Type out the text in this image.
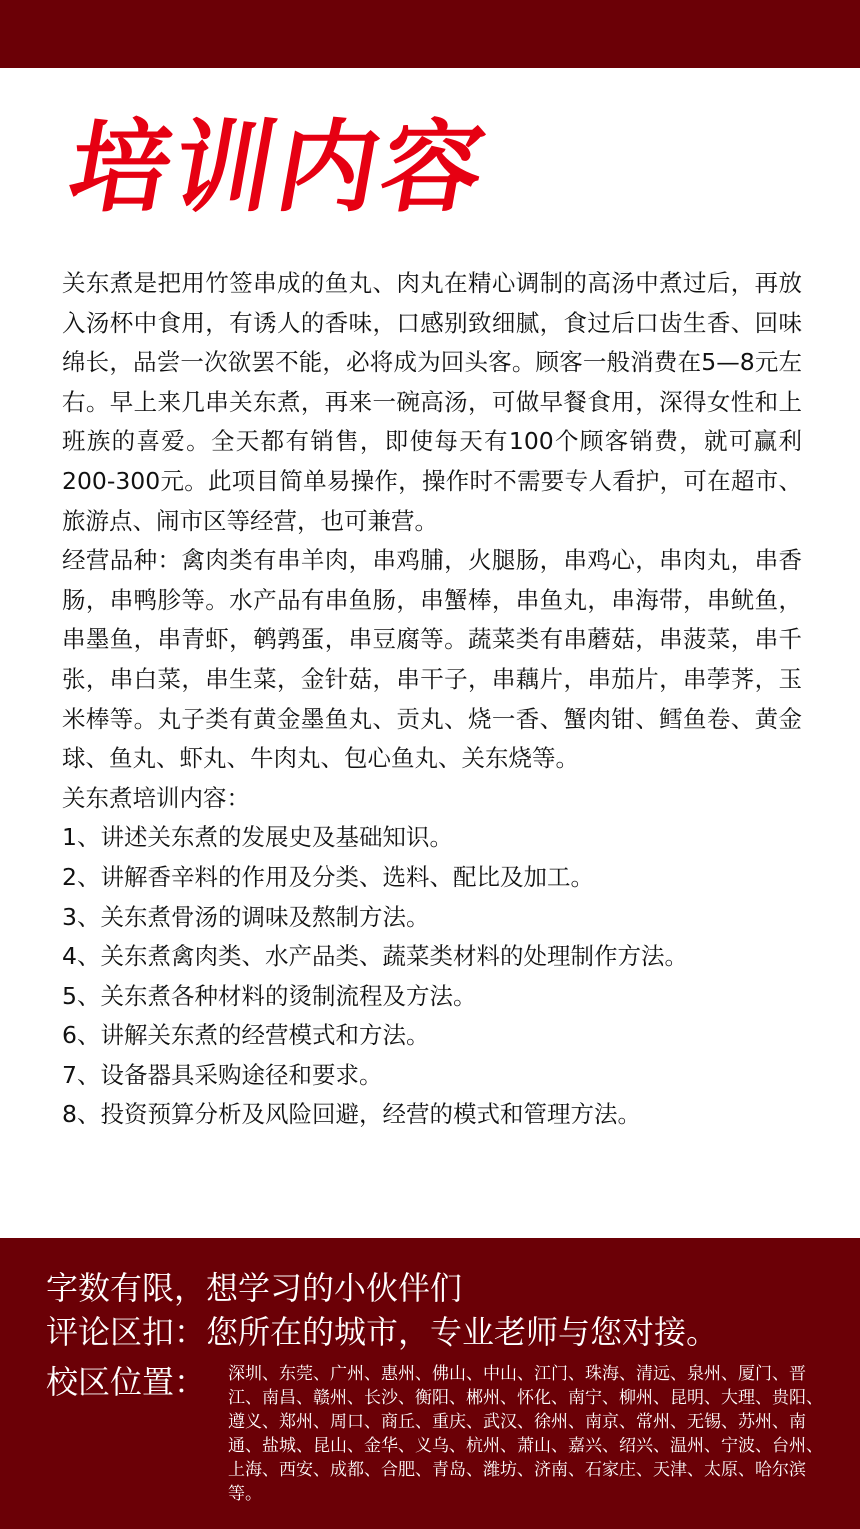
培训内容

关东煮是把用竹签串成的鱼丸、肉丸在精心调制的高汤中煮过后，再放入汤杯中食用，有诱人的香味，口感别致细腻，食过后口齿生香、回味绵长，品尝一次欲罢不能，必将成为回头客。顾客一般消费在5—8元左右。早上来几串关东煮，再来一碗高汤，可做早餐食用，深得女性和上班族的喜爱。全天都有销售，即使每天有100个顾客销费，就可赢利200-300元。此项目简单易操作，操作时不需要专人看护，可在超市、旅游点、闹市区等经营，也可兼营。

经营品种：禽肉类有串羊肉，串鸡脯，火腿肠，串鸡心，串肉丸，串香肠，串鸭胗等。水产品有串鱼肠，串蟹棒，串鱼丸，串海带，串鱿鱼，串墨鱼，串青虾，鹌鹑蛋，串豆腐等。蔬菜类有串蘑菇，串菠菜，串千张，串白菜，串生菜，金针菇，串干子，串藕片，串茄片，串荸荠，玉米棒等。丸子类有黄金墨鱼丸、贡丸、烧一香、蟹肉钳、鳕鱼卷、黄金球、鱼丸、虾丸、牛肉丸、包心鱼丸、关东烧等。

关东煮培训内容：
1、讲述关东煮的发展史及基础知识。
2、讲解香辛料的作用及分类、选料、配比及加工。
3、关东煮骨汤的调味及熬制方法。
4、关东煮禽肉类、水产品类、蔬菜类材料的处理制作方法。
5、关东煮各种材料的烫制流程及方法。
6、讲解关东煮的经营模式和方法。
7、设备器具采购途径和要求。
8、投资预算分析及风险回避，经营的模式和管理方法。
字数有限，想学习的小伙伴们
评论区扣：您所在的城市，专业老师与您对接。
校区位置： 深圳、东莞、广州、惠州、佛山、中山、江门、珠海、清远、泉州、厦门、晋江、南昌、赣州、长沙、衡阳、郴州、怀化、南宁、柳州、昆明、大理、贵阳、遵义、郑州、周口、商丘、重庆、武汉、徐州、南京、常州、无锡、苏州、南通、盐城、昆山、金华、义乌、杭州、萧山、嘉兴、绍兴、温州、宁波、台州、上海、西安、成都、合肥、青岛、潍坊、济南、石家庄、天津、太原、哈尔滨等。
